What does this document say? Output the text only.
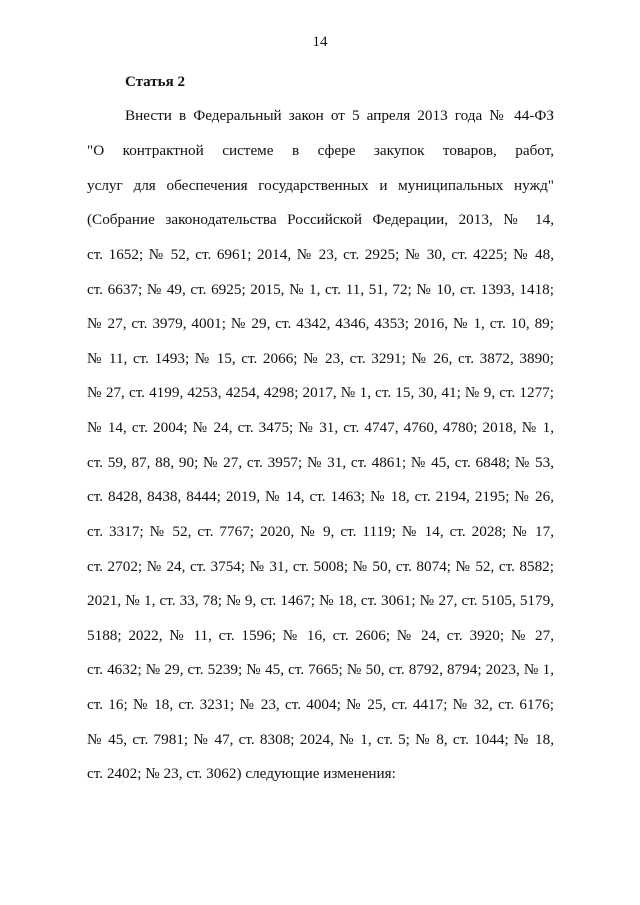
14
Статья 2
Внести в Федеральный закон от 5 апреля 2013 года № 44-ФЗ
"О контрактной системе в сфере закупок товаров, работ,
услуг для обеспечения государственных и муниципальных нужд"
(Собрание законодательства Российской Федерации, 2013, № 14,
ст. 1652; № 52, ст. 6961; 2014, № 23, ст. 2925; № 30, ст. 4225; № 48,
ст. 6637; № 49, ст. 6925; 2015, № 1, ст. 11, 51, 72; № 10, ст. 1393, 1418;
№ 27, ст. 3979, 4001; № 29, ст. 4342, 4346, 4353; 2016, № 1, ст. 10, 89;
№ 11, ст. 1493; № 15, ст. 2066; № 23, ст. 3291; № 26, ст. 3872, 3890;
№ 27, ст. 4199, 4253, 4254, 4298; 2017, № 1, ст. 15, 30, 41; № 9, ст. 1277;
№ 14, ст. 2004; № 24, ст. 3475; № 31, ст. 4747, 4760, 4780; 2018, № 1,
ст. 59, 87, 88, 90; № 27, ст. 3957; № 31, ст. 4861; № 45, ст. 6848; № 53,
ст. 8428, 8438, 8444; 2019, № 14, ст. 1463; № 18, ст. 2194, 2195; № 26,
ст. 3317; № 52, ст. 7767; 2020, № 9, ст. 1119; № 14, ст. 2028; № 17,
ст. 2702; № 24, ст. 3754; № 31, ст. 5008; № 50, ст. 8074; № 52, ст. 8582;
2021, № 1, ст. 33, 78; № 9, ст. 1467; № 18, ст. 3061; № 27, ст. 5105, 5179,
5188; 2022, № 11, ст. 1596; № 16, ст. 2606; № 24, ст. 3920; № 27,
ст. 4632; № 29, ст. 5239; № 45, ст. 7665; № 50, ст. 8792, 8794; 2023, № 1,
ст. 16; № 18, ст. 3231; № 23, ст. 4004; № 25, ст. 4417; № 32, ст. 6176;
№ 45, ст. 7981; № 47, ст. 8308; 2024, № 1, ст. 5; № 8, ст. 1044; № 18,
ст. 2402; № 23, ст. 3062) следующие изменения:
